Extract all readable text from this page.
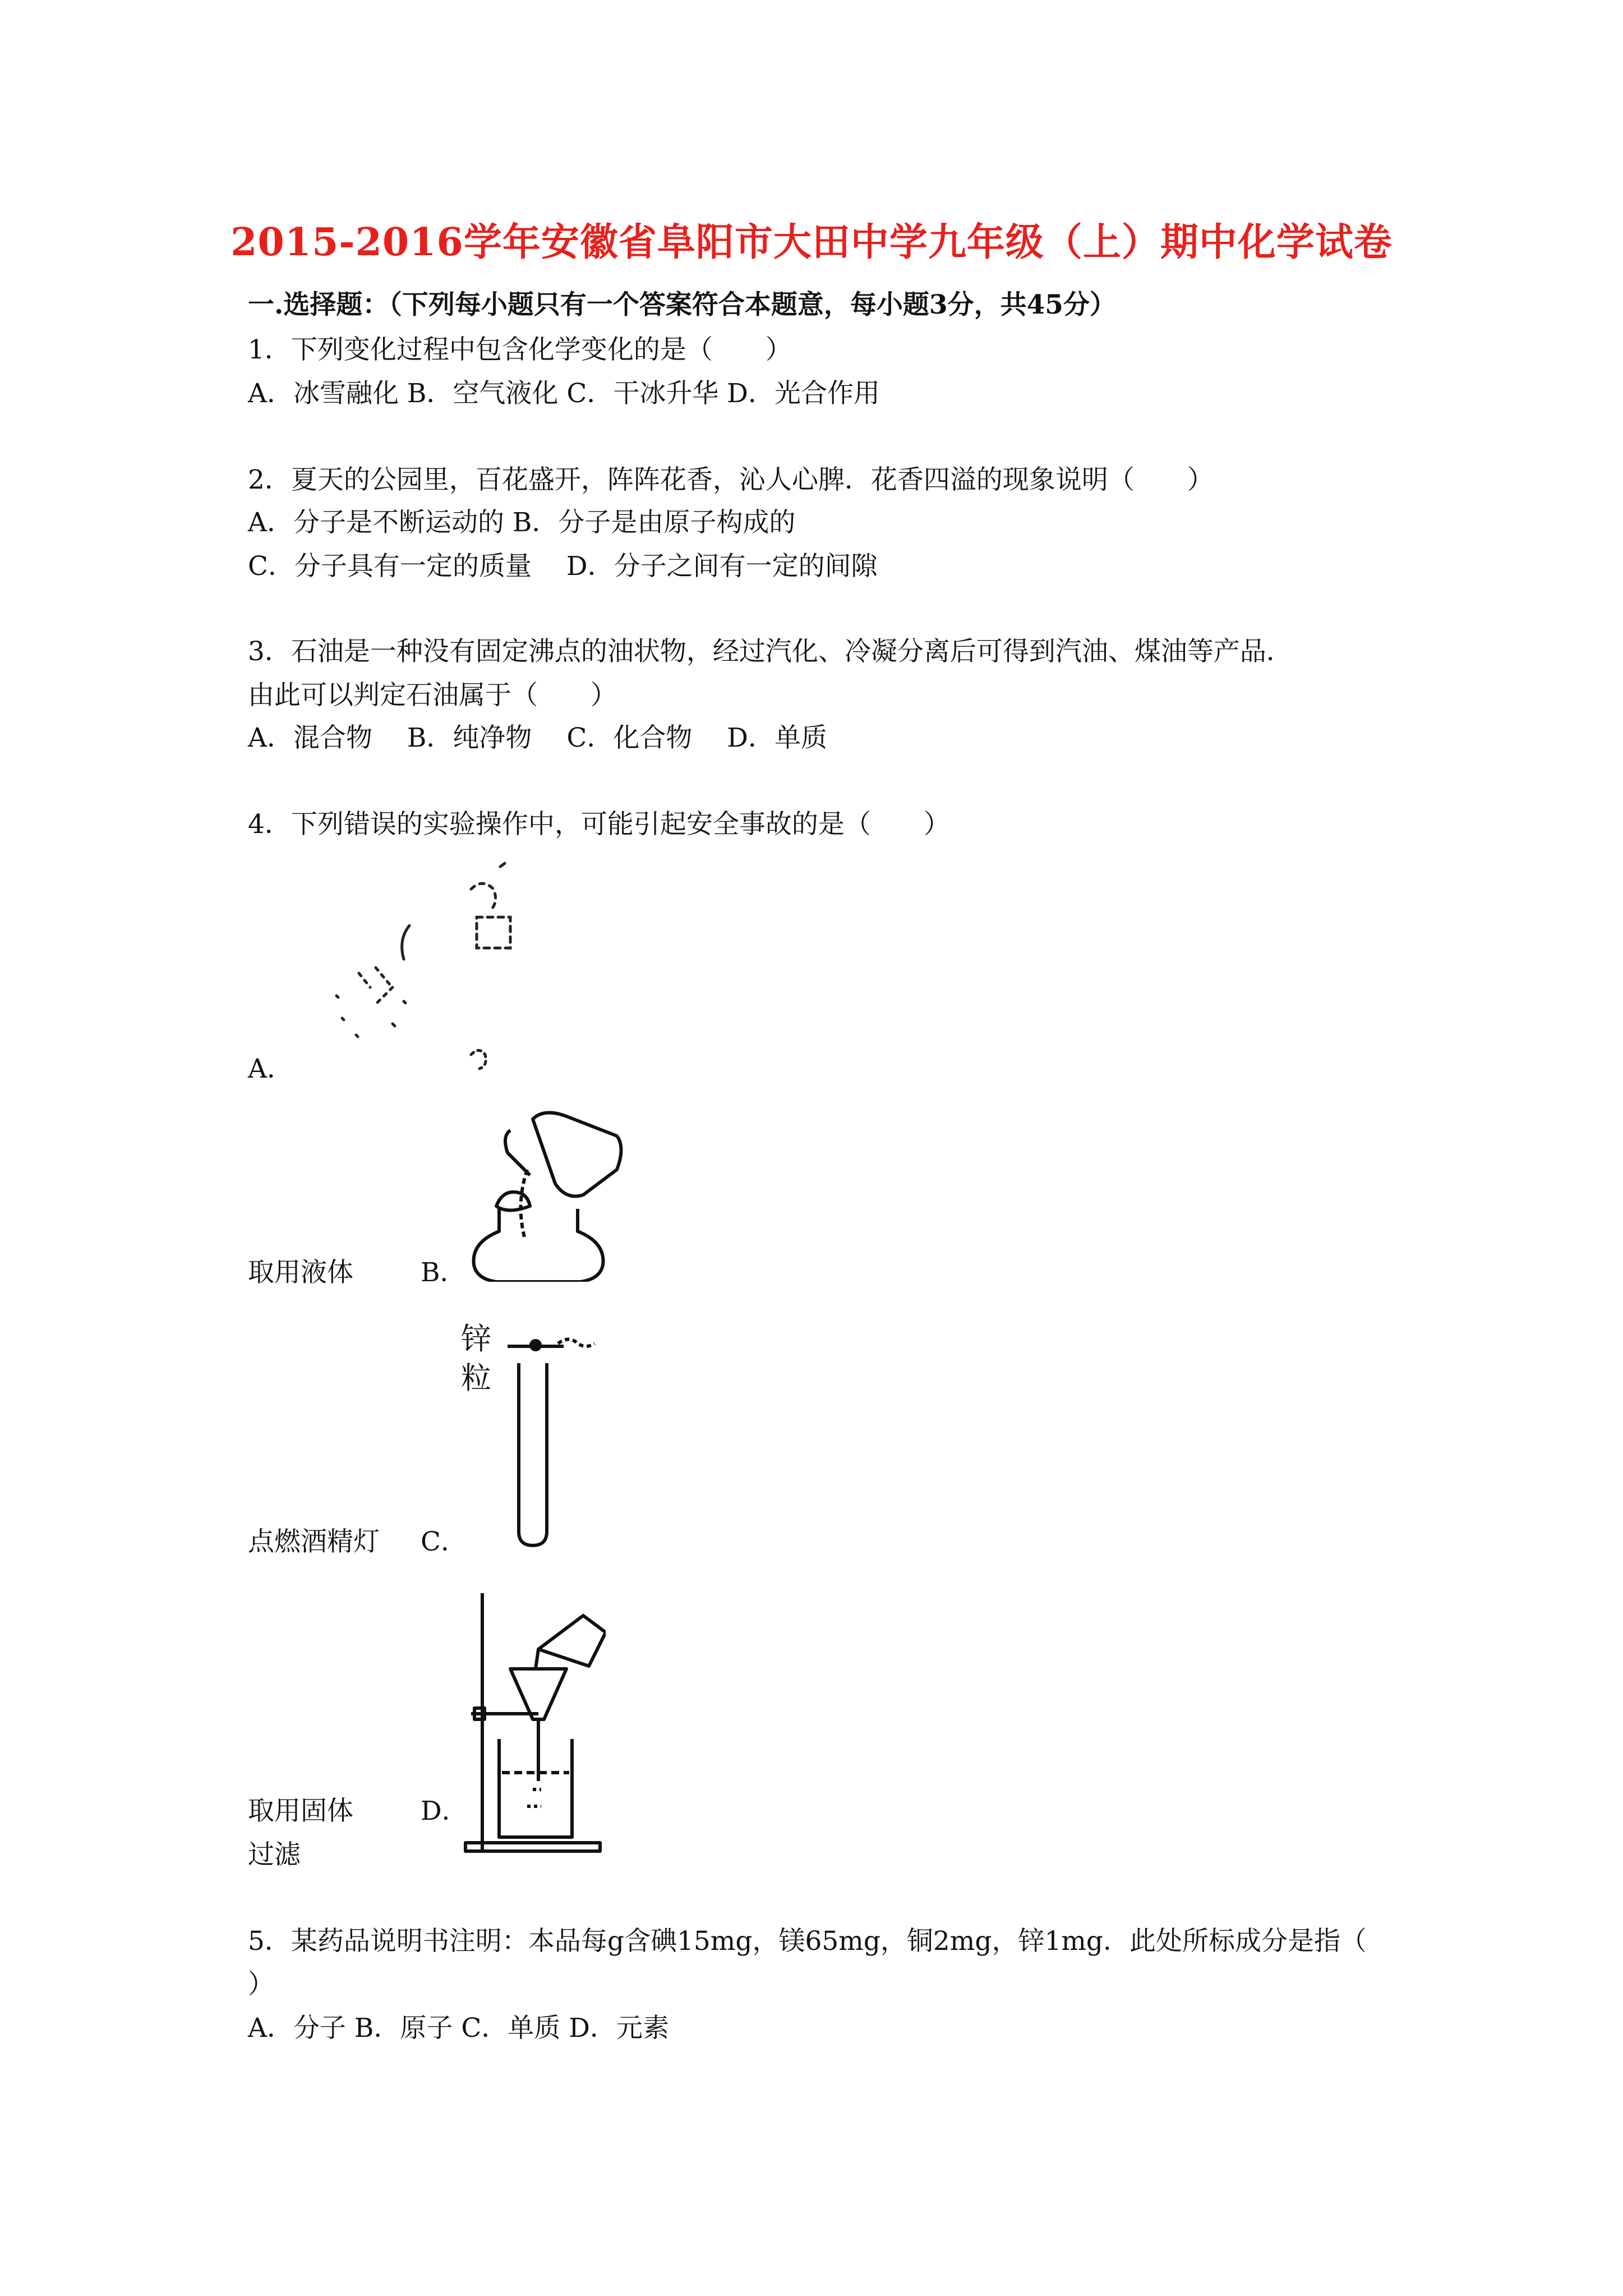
2015-2016学年安徽省阜阳市大田中学九年级（上）期中化学试卷
一.选择题：（下列每小题只有一个答案符合本题意，每小题3分，共45分）
1．下列变化过程中包含化学变化的是（　　）
A．冰雪融化 B．空气液化 C．干冰升华 D．光合作用
2．夏天的公园里，百花盛开，阵阵花香，沁人心脾．花香四溢的现象说明（　　）
A．分子是不断运动的 B．分子是由原子构成的
C．分子具有一定的质量　 D．分子之间有一定的间隙
3．石油是一种没有固定沸点的油状物，经过汽化、冷凝分离后可得到汽油、煤油等产品．
由此可以判定石油属于（　　）
A．混合物　 B．纯净物　 C．化合物　 D．单质
4．下列错误的实验操作中，可能引起安全事故的是（　　）
A．
取用液体	B．
锌
粒
点燃酒精灯 C．
取用固体	D．
过滤
5．某药品说明书注明：本品每g含碘15mg，镁65mg，铜2mg，锌1mg．此处所标成分是指（
）
A．分子 B．原子 C．单质 D．元素
